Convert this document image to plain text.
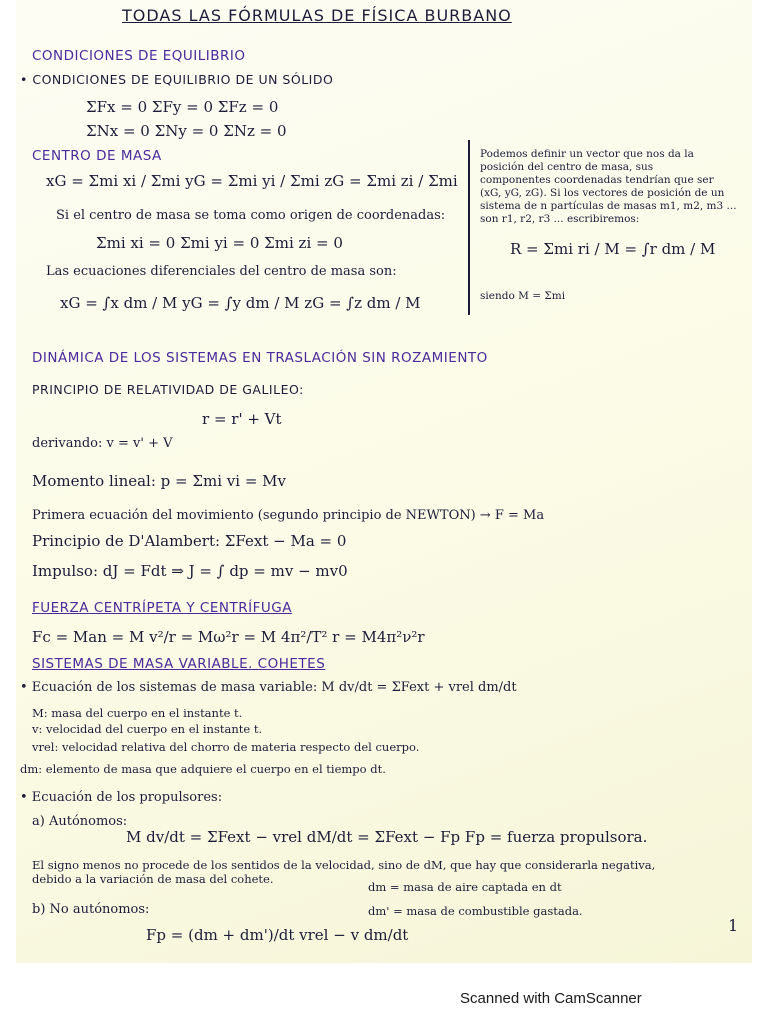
TODAS LAS FÓRMULAS DE FÍSICA BURBANO
CONDICIONES DE EQUILIBRIO
• CONDICIONES DE EQUILIBRIO DE UN SÓLIDO
ΣFx = 0 ΣFy = 0 ΣFz = 0
ΣNx = 0 ΣNy = 0 ΣNz = 0
CENTRO DE MASA
xG = Σmi xi / Σmi yG = Σmi yi / Σmi zG = Σmi zi / Σmi
Si el centro de masa se toma como origen de coordenadas:
Σmi xi = 0 Σmi yi = 0 Σmi zi = 0
Las ecuaciones diferenciales del centro de masa son:
xG = ∫x dm / M yG = ∫y dm / M zG = ∫z dm / M
Podemos definir un vector que nos da la
posición del centro de masa, sus
componentes coordenadas tendrían que ser
(xG, yG, zG). Si los vectores de posición de un
sistema de n partículas de masas m1, m2, m3 ...
son r1, r2, r3 ... escribiremos:
R = Σmi ri / M = ∫r dm / M
siendo M = Σmi
DINÁMICA DE LOS SISTEMAS EN TRASLACIÓN SIN ROZAMIENTO
PRINCIPIO DE RELATIVIDAD DE GALILEO:
r = r' + Vt
derivando: v = v' + V
Momento lineal: p = Σmi vi = Mv
Primera ecuación del movimiento (segundo principio de NEWTON) → F = Ma
Principio de D'Alambert: ΣFext − Ma = 0
Impulso: dJ = Fdt ⇒ J = ∫ dp = mv − mv0
FUERZA CENTRÍPETA Y CENTRÍFUGA
Fc = Man = M v²/r = Mω²r = M 4π²/T² r = M4π²ν²r
SISTEMAS DE MASA VARIABLE. COHETES
• Ecuación de los sistemas de masa variable: M dv/dt = ΣFext + vrel dm/dt
M: masa del cuerpo en el instante t.
v: velocidad del cuerpo en el instante t.
vrel: velocidad relativa del chorro de materia respecto del cuerpo.
dm: elemento de masa que adquiere el cuerpo en el tiempo dt.
• Ecuación de los propulsores:
a) Autónomos:
M dv/dt = ΣFext − vrel dM/dt = ΣFext − Fp Fp = fuerza propulsora.
El signo menos no procede de los sentidos de la velocidad, sino de dM, que hay que considerarla negativa,
debido a la variación de masa del cohete.
b) No autónomos:
Fp = (dm + dm')/dt vrel − v dm/dt
dm = masa de aire captada en dt
dm' = masa de combustible gastada.
1
Scanned with CamScanner
